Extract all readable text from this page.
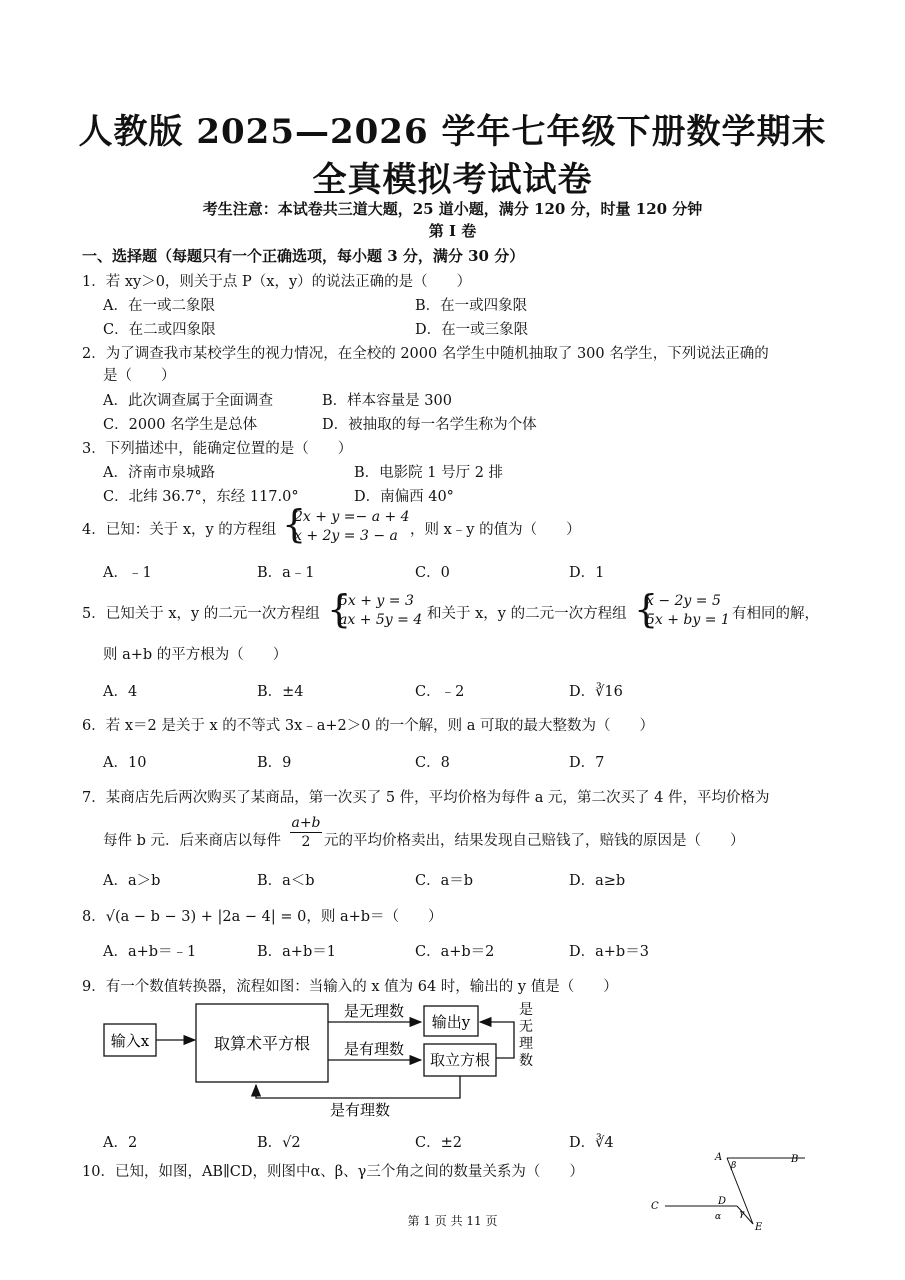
人教版 2025—2026 学年七年级下册数学期末
全真模拟考试试卷
考生注意：本试卷共三道大题，25 道小题，满分 120 分，时量 120 分钟
第 I 卷
一、选择题（每题只有一个正确选项，每小题 3 分，满分 30 分）
1．若 xy＞0，则关于点 P（x，y）的说法正确的是（　　）
A．在一或二象限	B．在一或四象限
C．在二或四象限	D．在一或三象限
2．为了调查我市某校学生的视力情况，在全校的 2000 名学生中随机抽取了 300 名学生，下列说法正确的
是（　　）
A．此次调查属于全面调查	B．样本容量是 300
C．2000 名学生是总体	D．被抽取的每一名学生称为个体
3．下列描述中，能确定位置的是（　　）
A．济南市泉城路	B．电影院 1 号厅 2 排
C．北纬 36.7°，东经 117.0°	D．南偏西 40°
4．已知：关于 x，y 的方程组 {
2x + y =− a + 4
x + 2y = 3 − a ，则 x﹣y 的值为（　　）
A．﹣1	B．a﹣1	C．0	D．1
5．已知关于 x，y 的二元一次方程组 {
5x + y = 3
ax + 5y = 4 和关于 x，y 的二元一次方程组 {
x − 2y = 5
5x + by = 1 有相同的解，
则 a+b 的平方根为（　　）
A．4	B．±4	C．﹣2	D．∛16
6．若 x＝2 是关于 x 的不等式 3x﹣a+2＞0 的一个解，则 a 可取的最大整数为（　　）
A．10	B．9	C．8	D．7
7．某商店先后两次购买了某商品，第一次买了 5 件，平均价格为每件 a 元，第二次买了 4 件，平均价格为
每件 b 元．后来商店以每件
a+b
2 元的平均价格卖出，结果发现自己赔钱了，赔钱的原因是（　　）
A．a＞b	B．a＜b	C．a＝b	D．a≥b
8．√(a − b − 3) + |2a − 4| = 0，则 a+b＝（　　）
A．a+b＝﹣1	B．a+b＝1	C．a+b＝2	D．a+b＝3
9．有一个数值转换器，流程如图：当输入的 x 值为 64 时，输出的 y 值是（　　）
输入x	取算术平方根
是无理数
是有理数
输出y
取立方根
是
无
理
数
是有理数
A．2	B．√2	C．±2	D．∛4
10．已知，如图，AB∥CD，则图中α、β、γ三个角之间的数量关系为（　　）
A	B
C	D
E
β
α γ
第 1 页 共 11 页
